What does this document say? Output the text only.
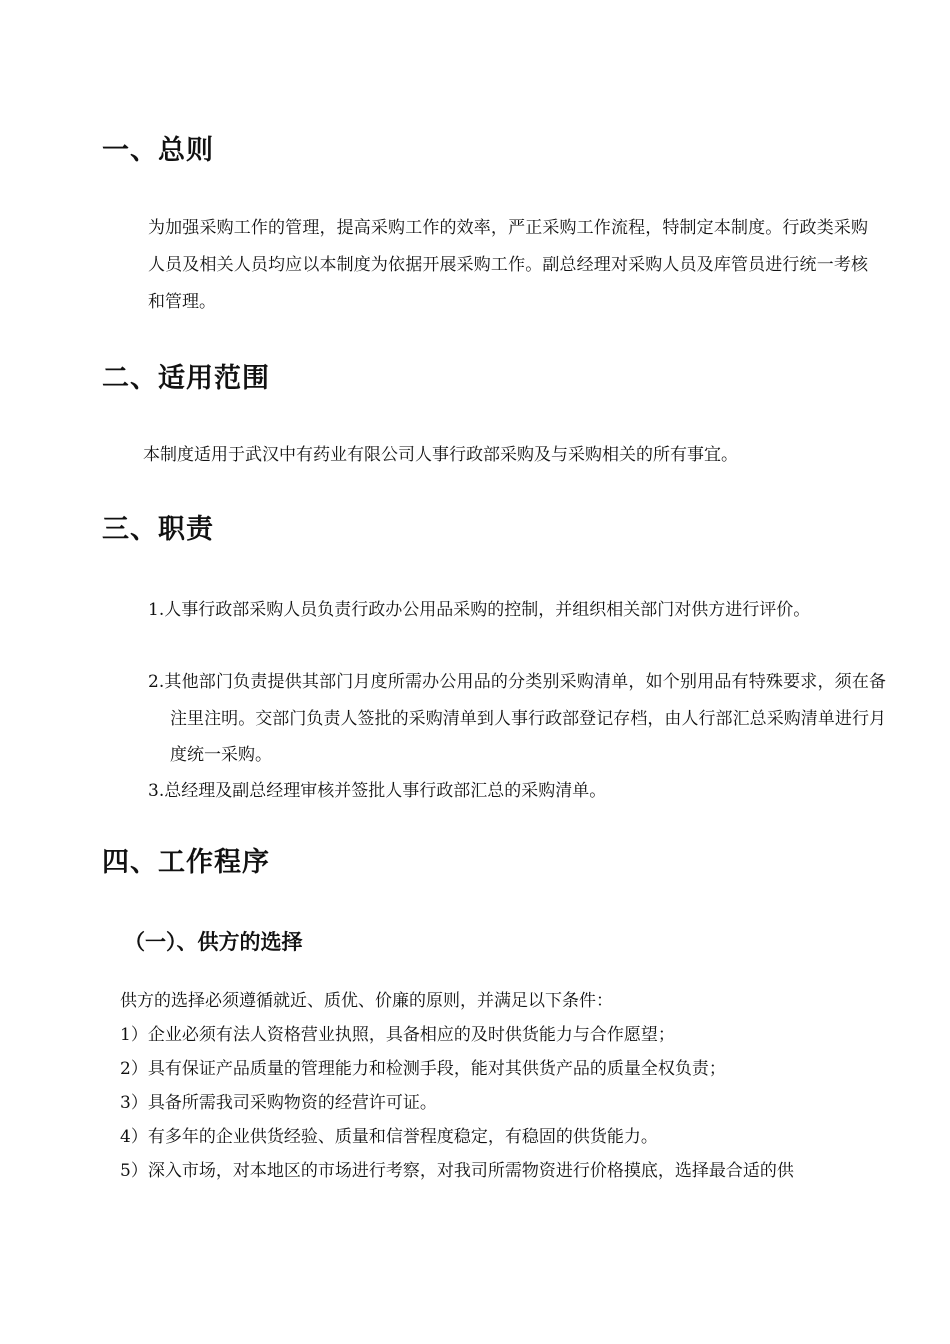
一、总则

为加强采购工作的管理，提高采购工作的效率，严正采购工作流程，特制定本制度。行政类采购人员及相关人员均应以本制度为依据开展采购工作。副总经理对采购人员及库管员进行统一考核和管理。

二、适用范围

本制度适用于武汉中有药业有限公司人事行政部采购及与采购相关的所有事宜。

三、职责

1.人事行政部采购人员负责行政办公用品采购的控制，并组织相关部门对供方进行评价。

2.其他部门负责提供其部门月度所需办公用品的分类别采购清单，如个别用品有特殊要求，须在备注里注明。交部门负责人签批的采购清单到人事行政部登记存档，由人行部汇总采购清单进行月度统一采购。

3.总经理及副总经理审核并签批人事行政部汇总的采购清单。

四、工作程序
（一）、供方的选择

供方的选择必须遵循就近、质优、价廉的原则，并满足以下条件：

1）企业必须有法人资格营业执照，具备相应的及时供货能力与合作愿望；

2）具有保证产品质量的管理能力和检测手段，能对其供货产品的质量全权负责；

3）具备所需我司采购物资的经营许可证。

4）有多年的企业供货经验、质量和信誉程度稳定，有稳固的供货能力。

5）深入市场，对本地区的市场进行考察，对我司所需物资进行价格摸底，选择最合适的供
